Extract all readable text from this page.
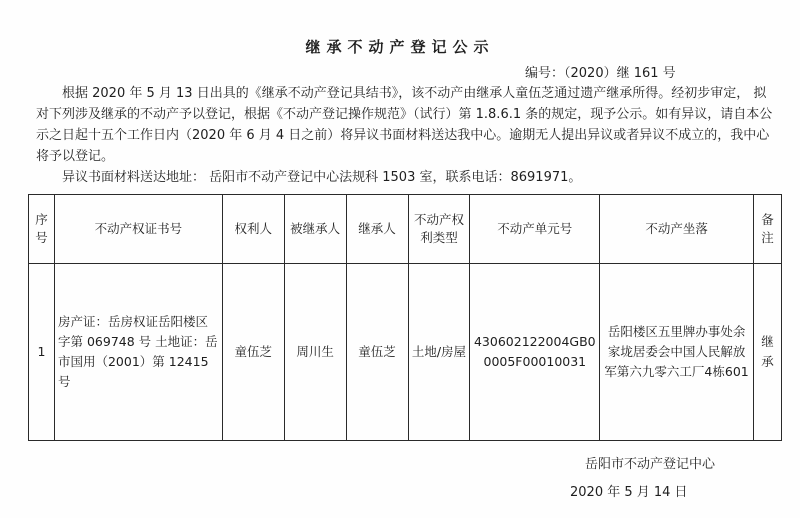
继承不动产登记公示
编号：（2020）继 161 号

根据 2020 年 5 月 13 日出具的《继承不动产登记具结书》，该不动产由继承人童伍芝通过遗产继承所得。经初步审定， 拟对下列涉及继承的不动产予以登记，根据《不动产登记操作规范》（试行）第 1.8.6.1 条的规定，现予公示。如有异议，请自本公示之日起十五个工作日内（2020 年 6 月 4 日之前）将异议书面材料送达我中心。逾期无人提出异议或者异议不成立的，我中心将予以登记。

异议书面材料送达地址： 岳阳市不动产登记中心法规科 1503 室，联系电话：8691971。

序号	不动产权证书号	权利人	被继承人	继承人	不动产权利类型	不动产单元号	不动产坐落	备注
1	房产证：岳房权证岳阳楼区字第 069748 号 土地证：岳市国用（2001）第 12415 号	童伍芝	周川生	童伍芝	土地/房屋	430602122004GB00005F00010031	岳阳楼区五里牌办事处余家垅居委会中国人民解放军第六九零六工厂4栋601	继承
岳阳市不动产登记中心
2020 年 5 月 14 日
